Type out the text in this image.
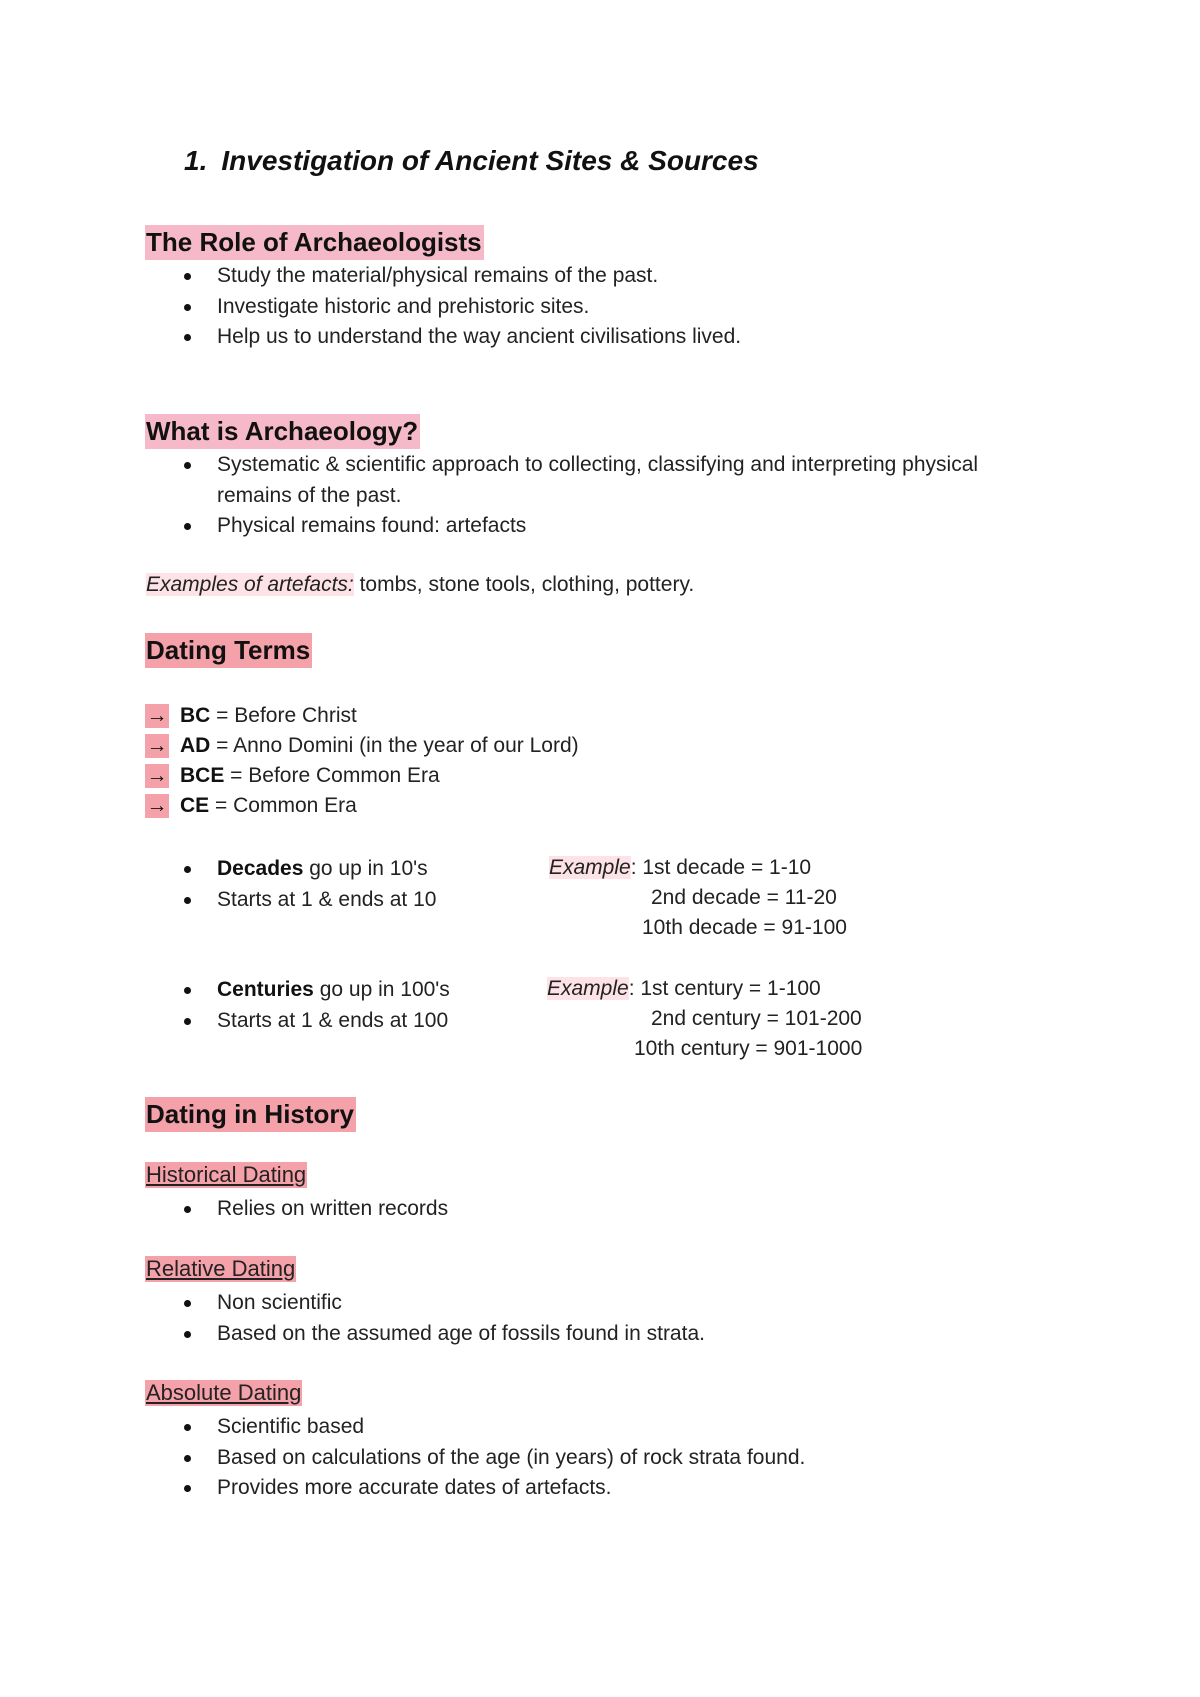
1. Investigation of Ancient Sites & Sources
The Role of Archaeologists
Study the material/physical remains of the past.
Investigate historic and prehistoric sites.
Help us to understand the way ancient civilisations lived.
What is Archaeology?
Systematic & scientific approach to collecting, classifying and interpreting physical
remains of the past.
Physical remains found: artefacts
Examples of artefacts: tombs, stone tools, clothing, pottery.
Dating Terms
→ BC = Before Christ
→ AD = Anno Domini (in the year of our Lord)
→ BCE = Before Common Era
→ CE = Common Era
Decades go up in 10's
Starts at 1 & ends at 10
Example: 1st decade = 1-10
2nd decade = 11-20
10th decade = 91-100
Centuries go up in 100's
Starts at 1 & ends at 100
Example: 1st century = 1-100
2nd century = 101-200
10th century = 901-1000
Dating in History
Historical Dating
Relies on written records
Relative Dating
Non scientific
Based on the assumed age of fossils found in strata.
Absolute Dating
Scientific based
Based on calculations of the age (in years) of rock strata found.
Provides more accurate dates of artefacts.
